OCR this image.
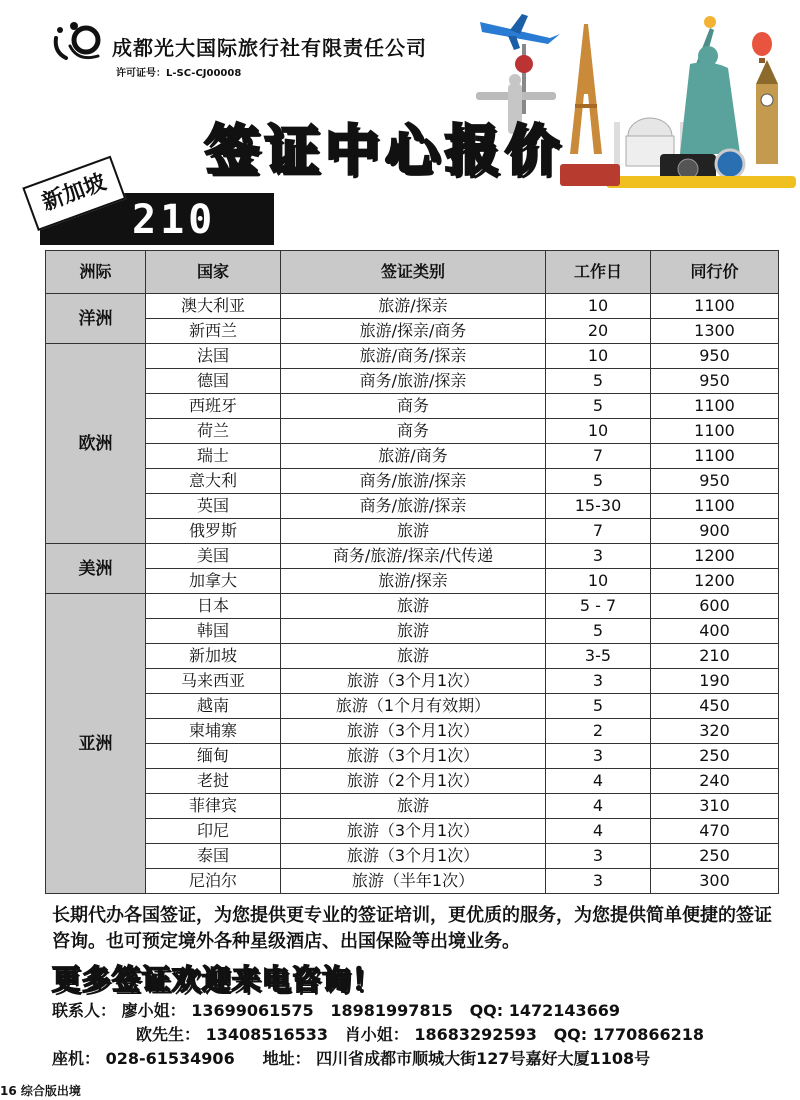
成都光大国际旅行社有限责任公司
许可证号：L-SC-CJ00008
签证中心报价
新加坡
210
洲际	国家	签证类别	工作日	同行价
洋洲	澳大利亚	旅游/探亲	10	1100
	新西兰	旅游/探亲/商务	20	1300
欧洲	法国	旅游/商务/探亲	10	950
	德国	商务/旅游/探亲	5	950
	西班牙	商务	5	1100
	荷兰	商务	10	1100
	瑞士	旅游/商务	7	1100
	意大利	商务/旅游/探亲	5	950
	英国	商务/旅游/探亲	15-30	1100
	俄罗斯	旅游	7	900
美洲	美国	商务/旅游/探亲/代传递	3	1200
	加拿大	旅游/探亲	10	1200
亚洲	日本	旅游	5 - 7	600
	韩国	旅游	5	400
	新加坡	旅游	3-5	210
	马来西亚	旅游（3个月1次）	3	190
	越南	旅游（1个月有效期）	5	450
	柬埔寨	旅游（3个月1次）	2	320
	缅甸	旅游（3个月1次）	3	250
	老挝	旅游（2个月1次）	4	240
	菲律宾	旅游	4	310
	印尼	旅游（3个月1次）	4	470
	泰国	旅游（3个月1次）	3	250
	尼泊尔	旅游（半年1次）	3	300
长期代办各国签证，为您提供更专业的签证培训，更优质的服务，为您提供简单便捷的签证咨询。也可预定境外各种星级酒店、出国保险等出境业务。
更多签证欢迎来电咨询！
联系人： 廖小姐： 13699061575 18981997815 QQ: 1472143669
欧先生： 13408516533 肖小姐： 18683292593 QQ: 1770866218
座机： 028-61534906 地址： 四川省成都市顺城大街127号嘉好大厦1108号
16 综合版出境
